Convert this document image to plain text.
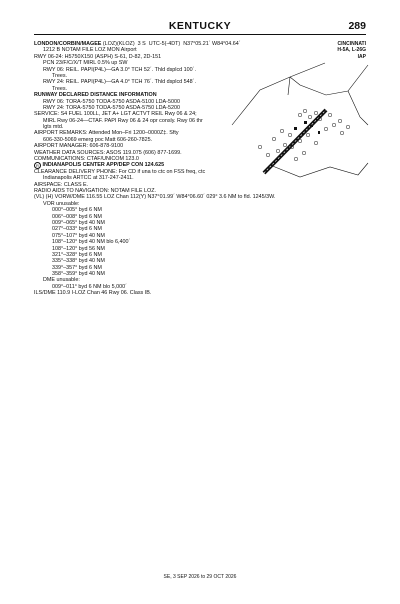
KENTUCKY	289
CINCINNATI
H-5A, L-26G
IAP
LONDON/CORBIN/MAGEE (LOZ)(KLOZ) 3 S UTC-5(-4DT) N37°05.21´ W84°04.64´
1212 B NOTAM FILE LOZ MON Airport
RWY 06-24: H5750X150 (ASPH) S-61, D-82, 2D-151
PCN 23/F/C/X/T MIRL 0.5% up SW
RWY 06: REIL. PAPI(P4L)—GA 3.0° TCH 52´. Thld dsplcd 100´.
Trees.
RWY 24: REIL. PAPI(P4L)—GA 4.0° TCH 76´. Thld dsplcd 548´.
Trees.
RUNWAY DECLARED DISTANCE INFORMATION
RWY 06: TORA-5750 TODA-5750 ASDA-5100 LDA-5000
RWY 24: TORA-5750 TODA-5750 ASDA-5750 LDA-5200
SERVICE: S4 FUEL 100LL, JET A+ LGT ACTVT REIL Rwy 06 & 24;
MIRL Rwy 06-24—CTAF. PAPI Rwy 06 & 24 opr consly. Rwy 06 thr
lgts mtd.
AIRPORT REMARKS: Attended Mon–Fri 1200–0000Z‡. Sfty
606-330-5069 emerg poc Matt 606-260-7825.
AIRPORT MANAGER: 606-878-9100
WEATHER DATA SOURCES: ASOS 119.075 (606) 877-1699.
COMMUNICATIONS: CTAF/UNICOM 123.0
R INDIANAPOLIS CENTER APP/DEP CON 124.625
CLEARANCE DELIVERY PHONE: For CD if una to ctc on FSS freq, ctc
Indianapolis ARTCC at 317-247-2411.
AIRSPACE: CLASS E.
RADIO AIDS TO NAVIGATION: NOTAM FILE LOZ.
(VL) (H) VORW/DME 116.55 LOZ Chan 112(Y) N37°01.99´ W84°06.60´ 029° 3.6 NM to fld. 1245/3W.
VOR unusable:
000°–005° byd 6 NM
006°–008° byd 6 NM
009°–065° byd 40 NM
027°–033° byd 6 NM
075°–107° byd 40 NM
108°–120° byd 40 NM blo 6,400´
108°–120° byd 56 NM
321°–328° byd 6 NM
335°–338° byd 40 NM
339°–357° byd 6 NM
358°–359° byd 40 NM
DME unusable:
009°–011° byd 6 NM blo 5,000´
ILS/DME 110.9 I-LOZ Chan 46 Rwy 06. Class IB.
SE, 3 SEP 2026 to 29 OCT 2026
